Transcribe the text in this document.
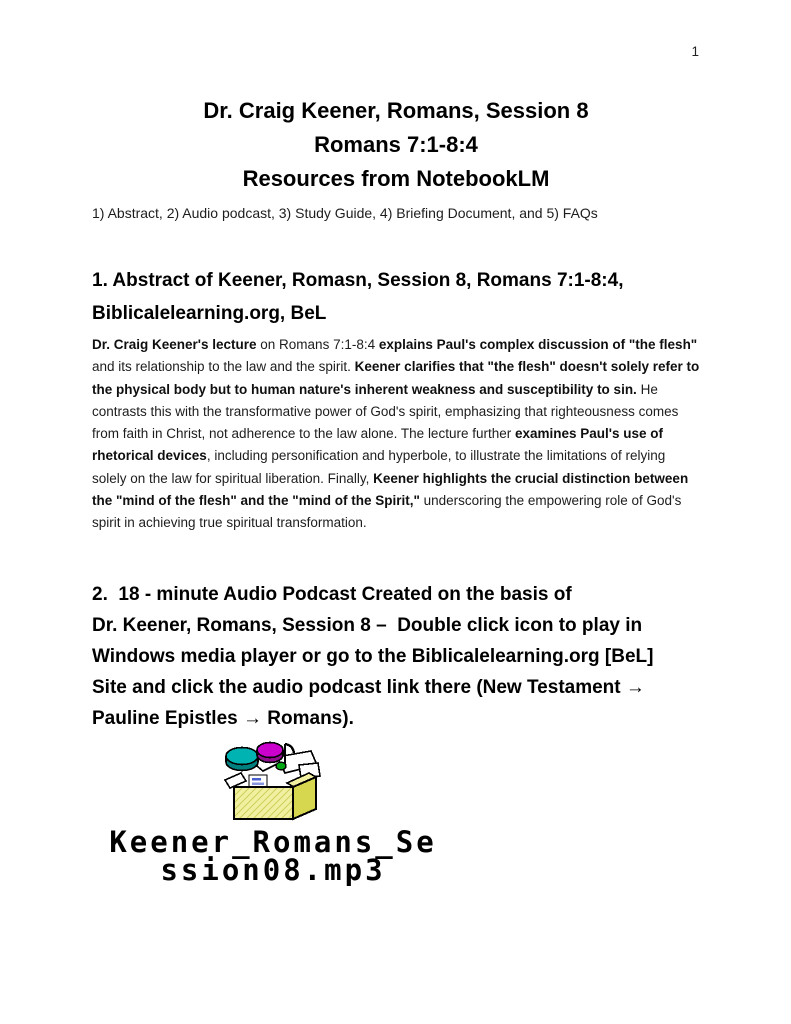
1
Dr. Craig Keener, Romans, Session 8
Romans 7:1-8:4
Resources from NotebookLM
1) Abstract, 2) Audio podcast, 3) Study Guide, 4) Briefing Document, and 5) FAQs
1. Abstract of Keener, Romasn, Session 8, Romans 7:1-8:4,
Biblicalelearning.org, BeL

Dr. Craig Keener's lecture on Romans 7:1-8:4 explains Paul's complex discussion of "the flesh" and its relationship to the law and the spirit. Keener clarifies that "the flesh" doesn't solely refer to the physical body but to human nature's inherent weakness and susceptibility to sin. He contrasts this with the transformative power of God's spirit, emphasizing that righteousness comes from faith in Christ, not adherence to the law alone. The lecture further examines Paul's use of rhetorical devices, including personification and hyperbole, to illustrate the limitations of relying solely on the law for spiritual liberation. Finally, Keener highlights the crucial distinction between the "mind of the flesh" and the "mind of the Spirit," underscoring the empowering role of God's spirit in achieving true spiritual transformation.

2.  18 - minute Audio Podcast Created on the basis of
Dr. Keener, Romans, Session 8 –  Double click icon to play in
Windows media player or go to the Biblicalelearning.org [BeL]
Site and click the audio podcast link there (New Testament →
Pauline Epistles → Romans).
Keener_Romans_Se
ssion08.mp3
